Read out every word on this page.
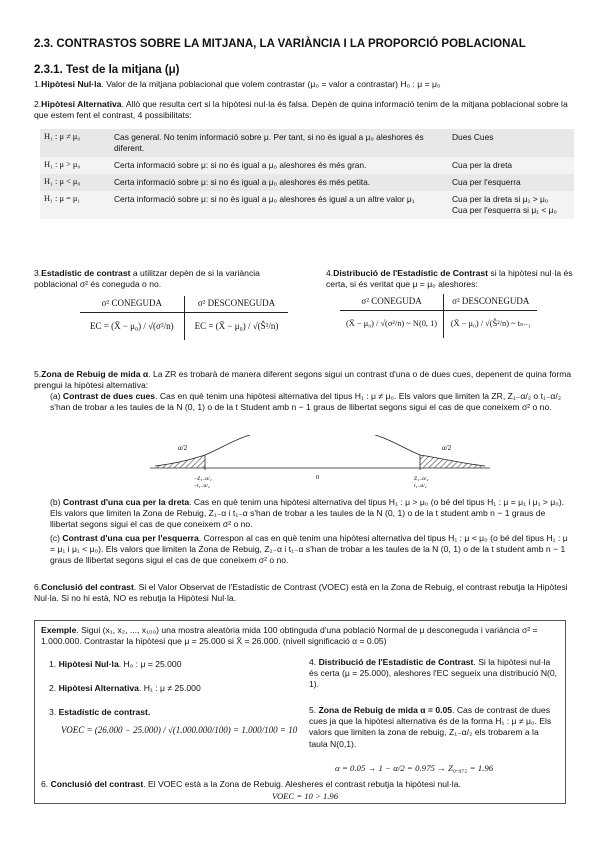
2.3. CONTRASTOS SOBRE LA MITJANA, LA VARIÀNCIA I LA PROPORCIÓ POBLACIONAL
2.3.1. Test de la mitjana (μ)
1.Hipòtesi Nul·la. Valor de la mitjana poblacional que volem contrastar (μ₀ = valor a contrastar) H₀ : μ = μ₀
2.Hipòtesi Alternativa. Allò que resulta cert si la hipòtesi nul·la és falsa. Depèn de quina informació tenim de la mitjana poblacional sobre la que estem fent el contrast, 4 possibilitats:
H₁ : μ ≠ μ₀	Cas general. No tenim informació sobre μ. Per tant, si no és igual a μ₀ aleshores és diferent.	Dues Cues
H₁ : μ > μ₀	Certa informació sobre μ: si no és igual a μ₀ aleshores és més gran.	Cua per la dreta
H₁ : μ < μ₀	Certa informació sobre μ: si no és igual a μ₀ aleshores és més petita.	Cua per l'esquerra
H₁ : μ = μ₁	Certa informació sobre μ: si no és igual a μ₀ aleshores és igual a un altre valor μ₁	Cua per la dreta si μ₁ > μ₀
Cua per l'esquerra si μ₁ < μ₀
3.Estadístic de contrast a utilitzar depèn de si la variància poblacional σ² és coneguda o no.
σ² CONEGUDA	σ² DESCONEGUDA
EC = (X̄ − μ₀) / √(σ²/n)	EC = (X̄ − μ₀) / √(Ŝ²/n)
4.Distribució de l'Estadístic de Contrast si la hipòtesi nul·la és certa, si és veritat que μ = μ₀ aleshores:
σ² CONEGUDA	σ² DESCONEGUDA
(X̄ − μ₀) / √(σ²/n) ~ N(0, 1)	(X̄ − μ₀) / √(Ŝ²/n) ~ tₙ₋₁
5.Zona de Rebuig de mida α. La ZR es trobarà de manera diferent segons sigui un contrast d'una o de dues cues, depenent de quina forma prengui la hipòtesi alternativa:
(a) Contrast de dues cues. Cas en què tenim una hipòtesi alternativa del tipus H₁ : μ ≠ μ₀. Els valors que limiten la ZR, Z₁₋α/₂ o t₁₋α/₂ s'han de trobar a les taules de la N (0, 1) o de la t Student amb n − 1 graus de llibertat segons sigui el cas de que coneixem σ² o no.
α/2	α/2
0
−Z₁₋α/₂ −t₁₋α/₂
Z₁₋α/₂ t₁₋α/₂
(b) Contrast d'una cua per la dreta. Cas en què tenim una hipòtesi alternativa del tipus H₁ : μ > μ₀ (o bé del tipus H₁ : μ = μ₁ i μ₁ > μ₀). Els valors que limiten la Zona de Rebuig, Z₁₋α i t₁₋α s'han de trobar a les taules de la N (0, 1) o de la t student amb n − 1 graus de llibertat segons sigui el cas de que coneixem σ² o no.
(c) Contrast d'una cua per l'esquerra. Correspon al cas en què tenim una hipòtesi alternativa del tipus H₁ : μ < μ₀ (o bé del tipus H₁ : μ = μ₁ i μ₁ < μ₀). Els valors que limiten la Zona de Rebuig, Z₁₋α i t₁₋α s'han de trobar a les taules de la N (0, 1) o de la t student amb n − 1 graus de llibertat segons sigui el cas de que coneixem σ² o no.
6.Conclusió del contrast. Si el Valor Observat de l'Estadístic de Contrast (VOEC) està en la Zona de Rebuig, el contrast rebutja la Hipòtesi Nul·la. Si no hi està, NO es rebutja la Hipòtesi Nul·la.
Exemple. Sigui (x₁, x₂, ..., x₁₀₀) una mostra aleatòria mida 100 obtinguda d'una població Normal de μ desconeguda i variància σ² = 1.000.000. Contrastar la hipòtesi que μ = 25.000 si X̄ = 26.000. (nivell significació α = 0.05)
1. Hipòtesi Nul·la. H₀ : μ = 25.000
2. Hipòtesi Alternativa. H₁ : μ ≠ 25.000
3. Estadístic de contrast.
VOEC = (26.000 − 25.000) / √(1.000.000/100) = 1.000/100 = 10
4. Distribució de l'Estadístic de Contrast. Si la hipòtesi nul·la és certa (μ = 25.000), aleshores l'EC segueix una distribució N(0, 1).
5. Zona de Rebuig de mida α = 0.05. Cas de contrast de dues cues ja que la hipòtesi alternativa és de la forma H₁ : μ ≠ μ₀. Els valors que limiten la zona de rebuig, Z₁₋α/₂ els trobarem a la taula N(0,1).
α = 0.05 → 1 − α/2 = 0.975 → Z₀.₉₇₅ = 1.96
6. Conclusió del contrast. El VOEC està a la Zona de Rebuig. Alesheres el contrast rebutja la hipòtesi nul·la.
VOEC = 10 > 1.96
